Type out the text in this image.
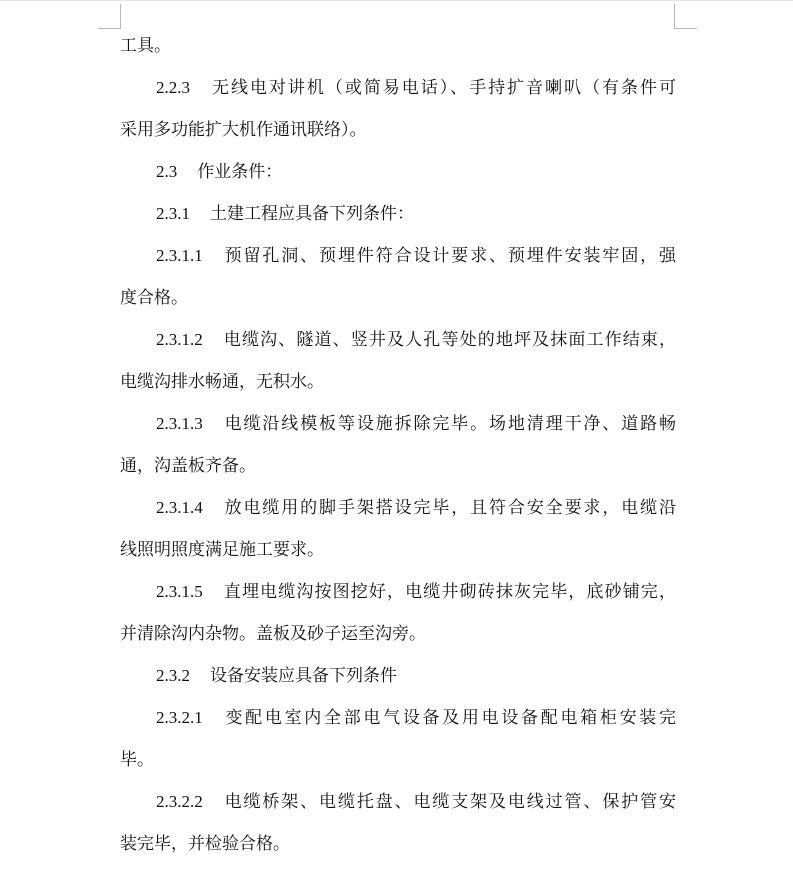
工具。
2.2.3 无线电对讲机（或简易电话）、手持扩音喇叭（有条件可
采用多功能扩大机作通讯联络）。
2.3 作业条件：
2.3.1 土建工程应具备下列条件：
2.3.1.1 预留孔洞、预埋件符合设计要求、预埋件安装牢固，强
度合格。
2.3.1.2 电缆沟、隧道、竖井及人孔等处的地坪及抹面工作结束，
电缆沟排水畅通，无积水。
2.3.1.3 电缆沿线模板等设施拆除完毕。场地清理干净、道路畅
通，沟盖板齐备。
2.3.1.4 放电缆用的脚手架搭设完毕，且符合安全要求，电缆沿
线照明照度满足施工要求。
2.3.1.5 直埋电缆沟按图挖好，电缆井砌砖抹灰完毕，底砂铺完，
并清除沟内杂物。盖板及砂子运至沟旁。
2.3.2 设备安装应具备下列条件
2.3.2.1 变配电室内全部电气设备及用电设备配电箱柜安装完
毕。
2.3.2.2 电缆桥架、电缆托盘、电缆支架及电线过管、保护管安
装完毕，并检验合格。
